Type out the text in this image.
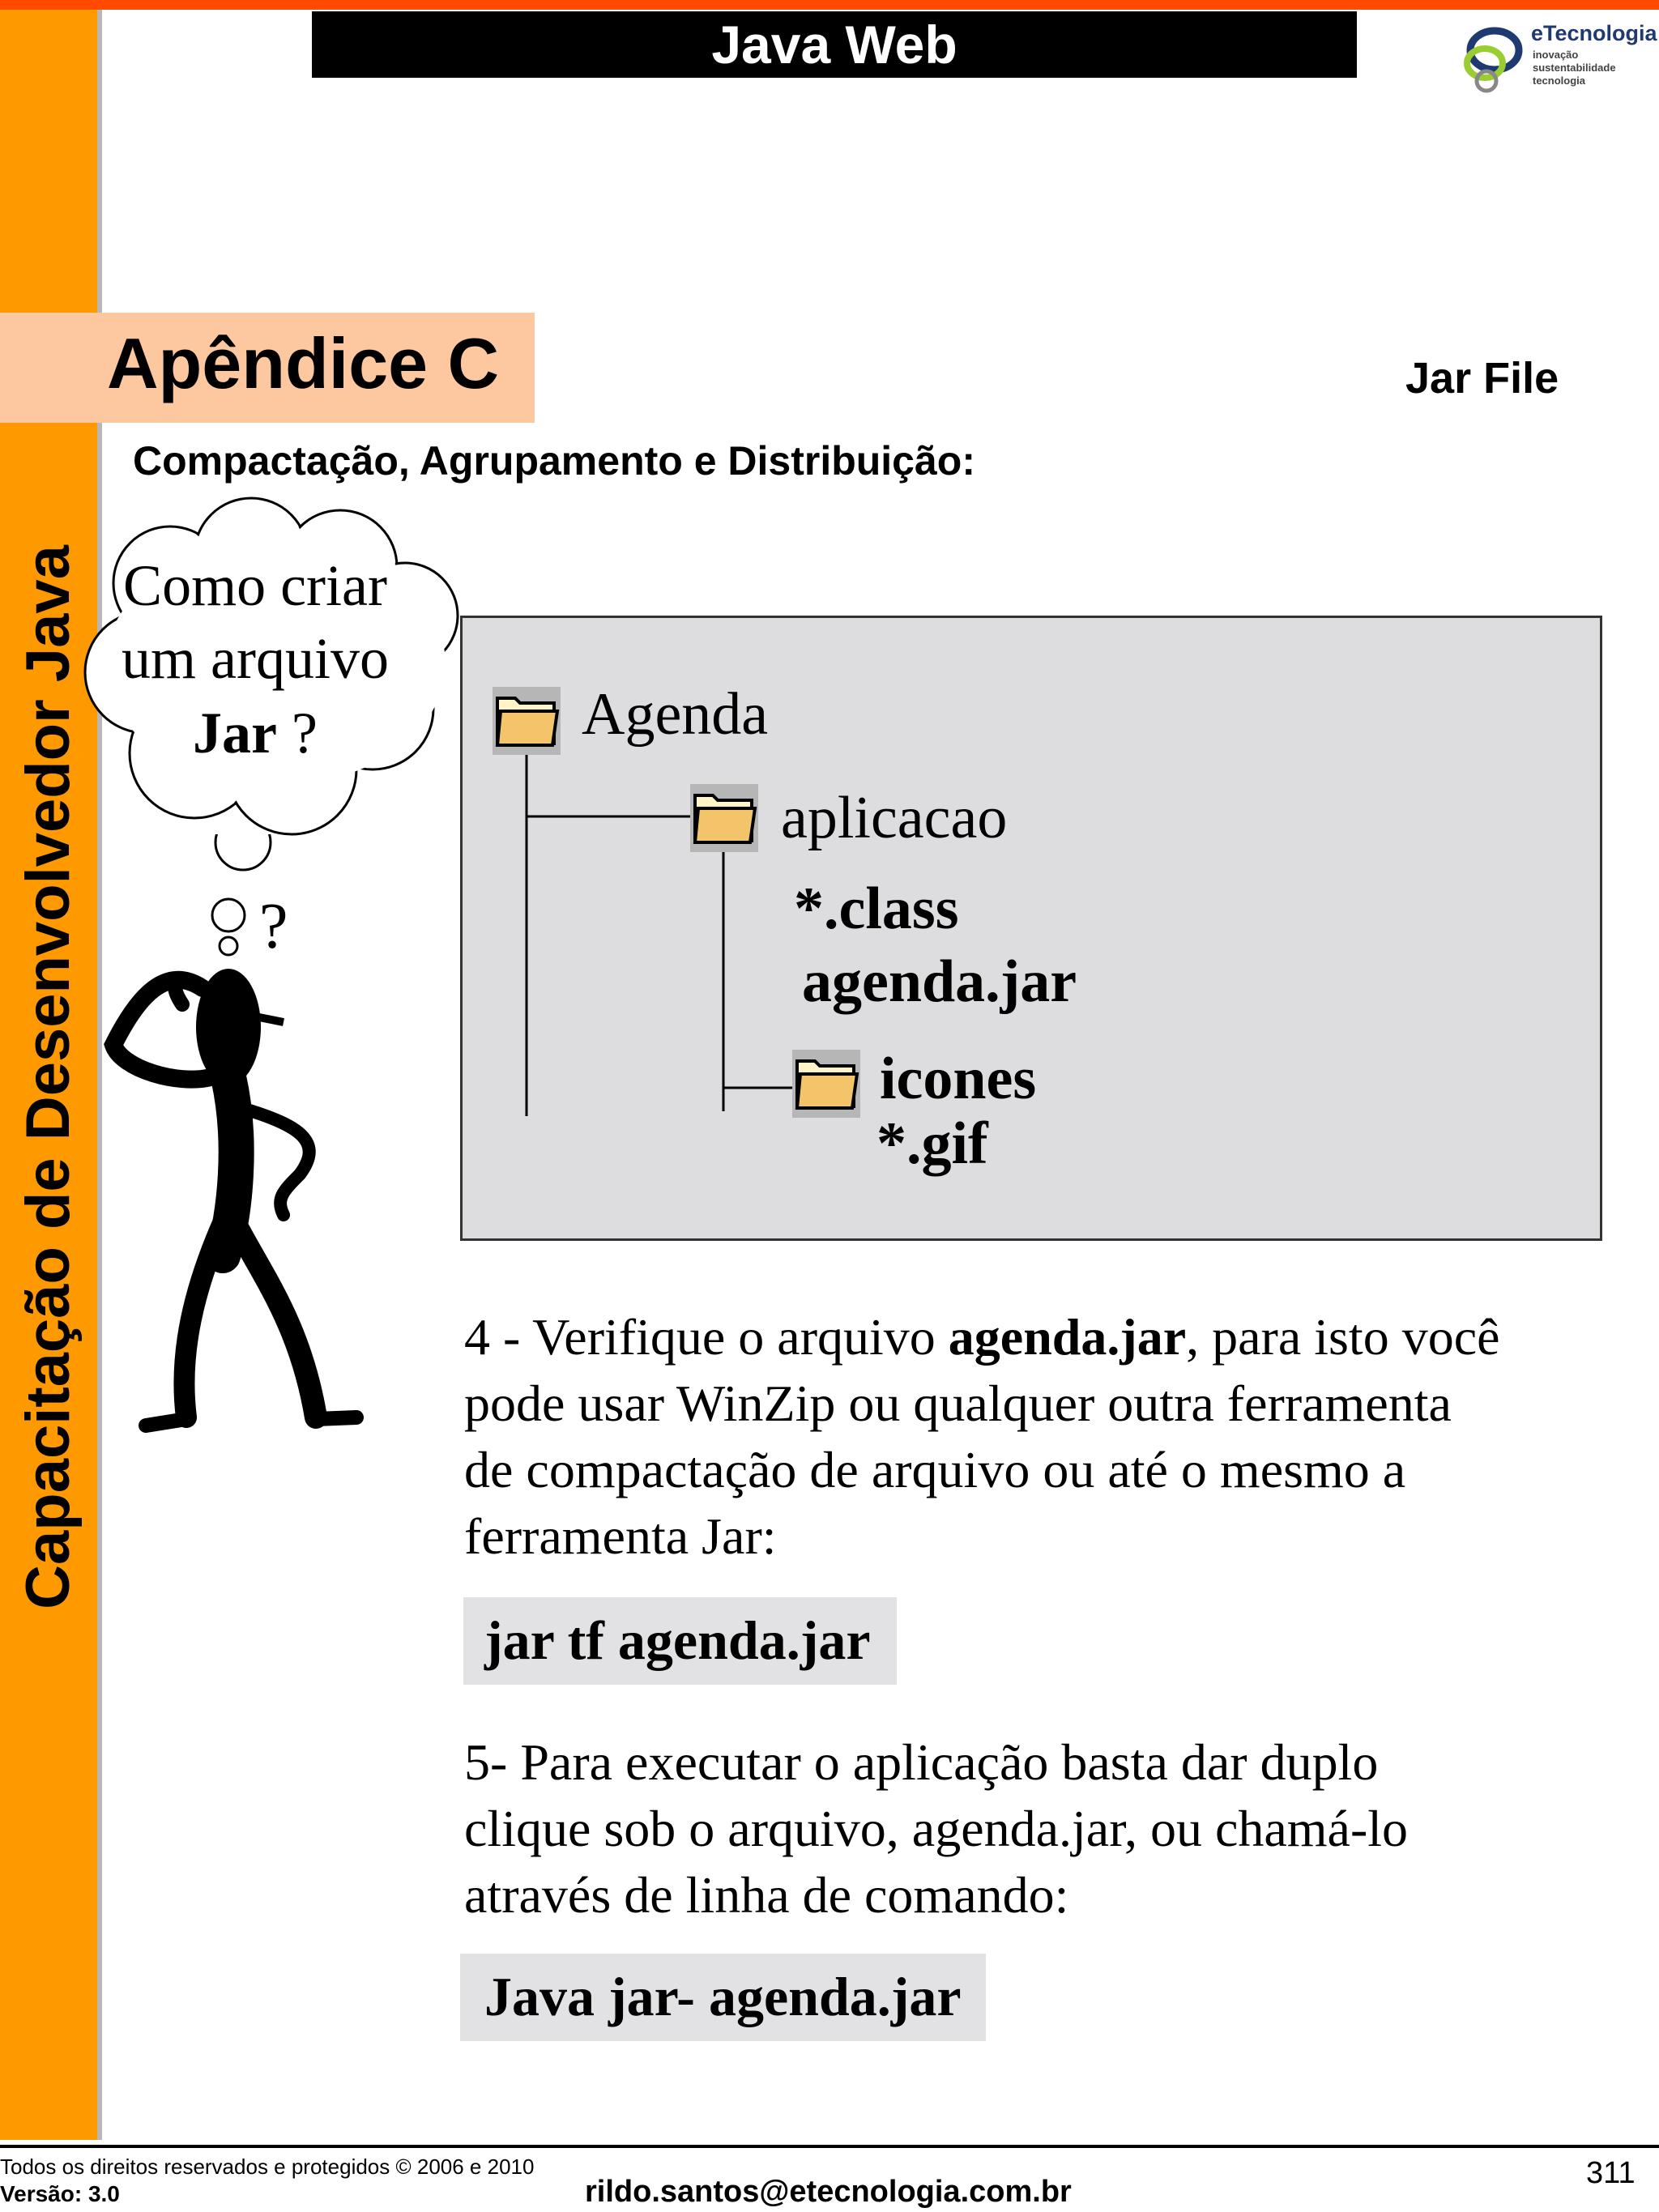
Capacitação de Desenvolvedor Java
Java Web	eTecnologia
inovação
sustentabilidade
tecnologia
Apêndice C	Jar File
Compactação, Agrupamento e Distribuição:
Agenda
aplicacao
*.class
agenda.jar
icones
*.gif
Como criar
um arquivo
Jar ?
?
4 - Verifique o arquivo agenda.jar, para isto você
pode usar WinZip ou qualquer outra ferramenta
de compactação de arquivo ou até o mesmo a
ferramenta Jar:
jar tf agenda.jar
5- Para executar o aplicação basta dar duplo
clique sob o arquivo, agenda.jar, ou chamá-lo
através de linha de comando:
Java jar- agenda.jar
Todos os direitos reservados e protegidos © 2006 e 2010
Versão: 3.0	rildo.santos@etecnologia.com.br
311
